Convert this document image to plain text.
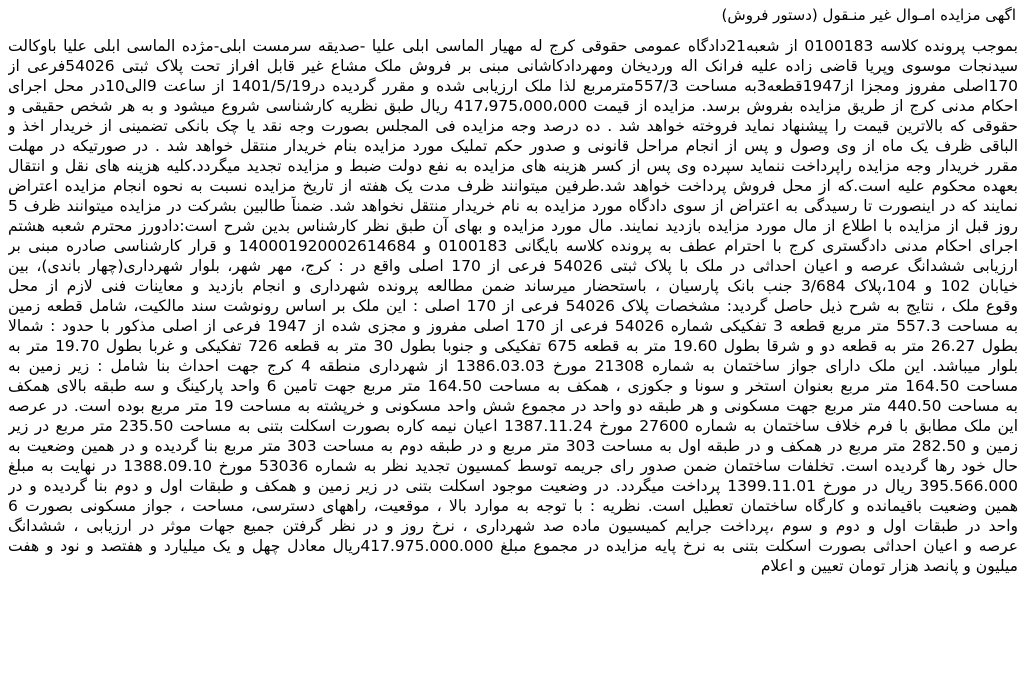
اگهی مزایده امـوال غیر منـقول (دستور فروش)
بموجب پرونده کلاسه 0100183 از شعبه21دادگاه عمومی حقوقی کرج له مهیار الماسی ابلی علیا -صدیقه سرمست ابلی-مژده الماسی ابلی علیا باوکالت
سیدنجات موسوی وپریا قاضی زاده علیه فرانک اله وردیخان ومهردادکاشانی مبنی بر فروش ملک مشاع غیر قابل افراز تحت پلاک ثبتی 54026فرعی از
170اصلی مفروز ومجزا از1947قطعه3به مساحت 557/3مترمربع لذا ملک ارزیابی شده و مقرر گردیده در1401/5/19 از ساعت 9الی10در محل اجرای
احکام مدنی کرج از طریق مزایده بفروش برسد. مزایده از قیمت 417،975،000،000 ریال طبق نظریه کارشناسی شروع میشود و به هر شخص حقیقی و
حقوقی که بالاترین قیمت را پیشنهاد نماید فروخته خواهد شد . ده درصد وجه مزایده فی المجلس بصورت وجه نقد یا چک بانکی تضمینی از خریدار اخذ و
الباقی ظرف یک ماه از وی وصول و پس از انجام مراحل قانونی و صدور حکم تملیک مورد مزایده بنام خریدار منتقل خواهد شد . در صورتیکه در مهلت
مقرر خریدار وجه مزایده راپرداخت ننماید سپرده وی پس از کسر هزینه های مزایده به نفع دولت ضبط و مزایده تجدید میگردد.کلیه هزینه های نقل و انتقال
بعهده محکوم علیه است.که از محل فروش پرداخت خواهد شد.طرفین میتوانند ظرف مدت یک هفته از تاریخ مزایده نسبت به نحوه انجام مزایده اعتراض
نمایند که در اینصورت تا رسیدگی به اعتراض از سوی دادگاه مورد مزایده به نام خریدار منتقل نخواهد شد. ضمناً طالبین بشرکت در مزایده میتوانند ظرف 5
روز قبل از مزایده با اطلاع از مال مورد مزایده بازدید نمایند. مال مورد مزایده و بهای آن طبق نظر کارشناس بدین شرح است:دادورز محترم شعبه هشتم
اجرای احکام مدنی دادگستری کرج با احترام عطف به پرونده کلاسه بایگانی 0100183 و 140001920002614684 و قرار کارشناسی صادره مبنی بر
ارزیابی ششدانگ عرصه و اعیان احداثی در ملک با پلاک ثبتی 54026 فرعی از 170 اصلی واقع در : کرج، مهر شهر، بلوار شهرداری(چهار باندی)، بین
خیابان 102 و 104،پلاک 3/684 جنب بانک پارسیان ، باستحضار میرساند ضمن مطالعه پرونده شهرداری و انجام بازدید و معاینات فنی لازم از محل
وقوع ملک ، نتایج به شرح ذیل حاصل گردید: مشخصات پلاک 54026 فرعی از 170 اصلی : این ملک بر اساس رونوشت سند مالکیت، شامل قطعه زمین
به مساحت 557.3 متر مربع قطعه 3 تفکیکی شماره 54026 فرعی از 170 اصلی مفروز و مجزی شده از 1947 فرعی از اصلی مذکور با حدود : شمالا
بطول 26.27 متر به قطعه دو و شرقا بطول 19.60 متر به قطعه 675 تفکیکی و جنوبا بطول 30 متر به قطعه 726 تفکیکی و غربا بطول 19.70 متر به
بلوار میباشد. این ملک دارای جواز ساختمان به شماره 21308 مورخ 1386.03.03 از شهرداری منطقه 4 کرج جهت احداث بنا شامل : زیر زمین به
مساحت 164.50 متر مربع بعنوان استخر و سونا و جکوزی ، همکف به مساحت 164.50 متر مربع جهت تامین 6 واحد پارکینگ و سه طبقه بالای همکف
به مساحت 440.50 متر مربع جهت مسکونی و هر طبقه دو واحد در مجموع شش واحد مسکونی و خرپشته به مساحت 19 متر مربع بوده است. در عرصه
این ملک مطابق با فرم خلاف ساختمان به شماره 27600 مورخ 1387.11.24 اعیان نیمه کاره بصورت اسکلت بتنی به مساحت 235.50 متر مربع در زیر
زمین و 282.50 متر مربع در همکف و در طبقه اول به مساحت 303 متر مربع و در طبقه دوم به مساحت 303 متر مربع بنا گردیده و در همین وضعیت به
حال خود رها گردیده است. تخلفات ساختمان ضمن صدور رای جریمه توسط کمسیون تجدید نظر به شماره 53036 مورخ 1388.09.10 در نهایت به مبلغ
395.566.000 ریال در مورخ 1399.11.01 پرداخت میگردد. در وضعیت موجود اسکلت بتنی در زیر زمین و همکف و طبقات اول و دوم بنا گردیده و در
همین وضعیت باقیمانده و کارگاه ساختمان تعطیل است. نظریه : با توجه به موارد بالا ، موقعیت، راههای دسترسی، مساحت ، جواز مسکونی بصورت 6
واحد در طبقات اول و دوم و سوم ،پرداخت جرایم کمیسیون ماده صد شهرداری ، نرخ روز و در نظر گرفتن جمیع جهات موثر در ارزیابی ، ششدانگ
عرصه و اعیان احداثی بصورت اسکلت بتنی به نرخ پایه مزایده در مجموع مبلغ 417.975.000.000ریال معادل چهل و یک میلیارد و هفتصد و نود و هفت
میلیون و پانصد هزار تومان تعیین و اعلام
